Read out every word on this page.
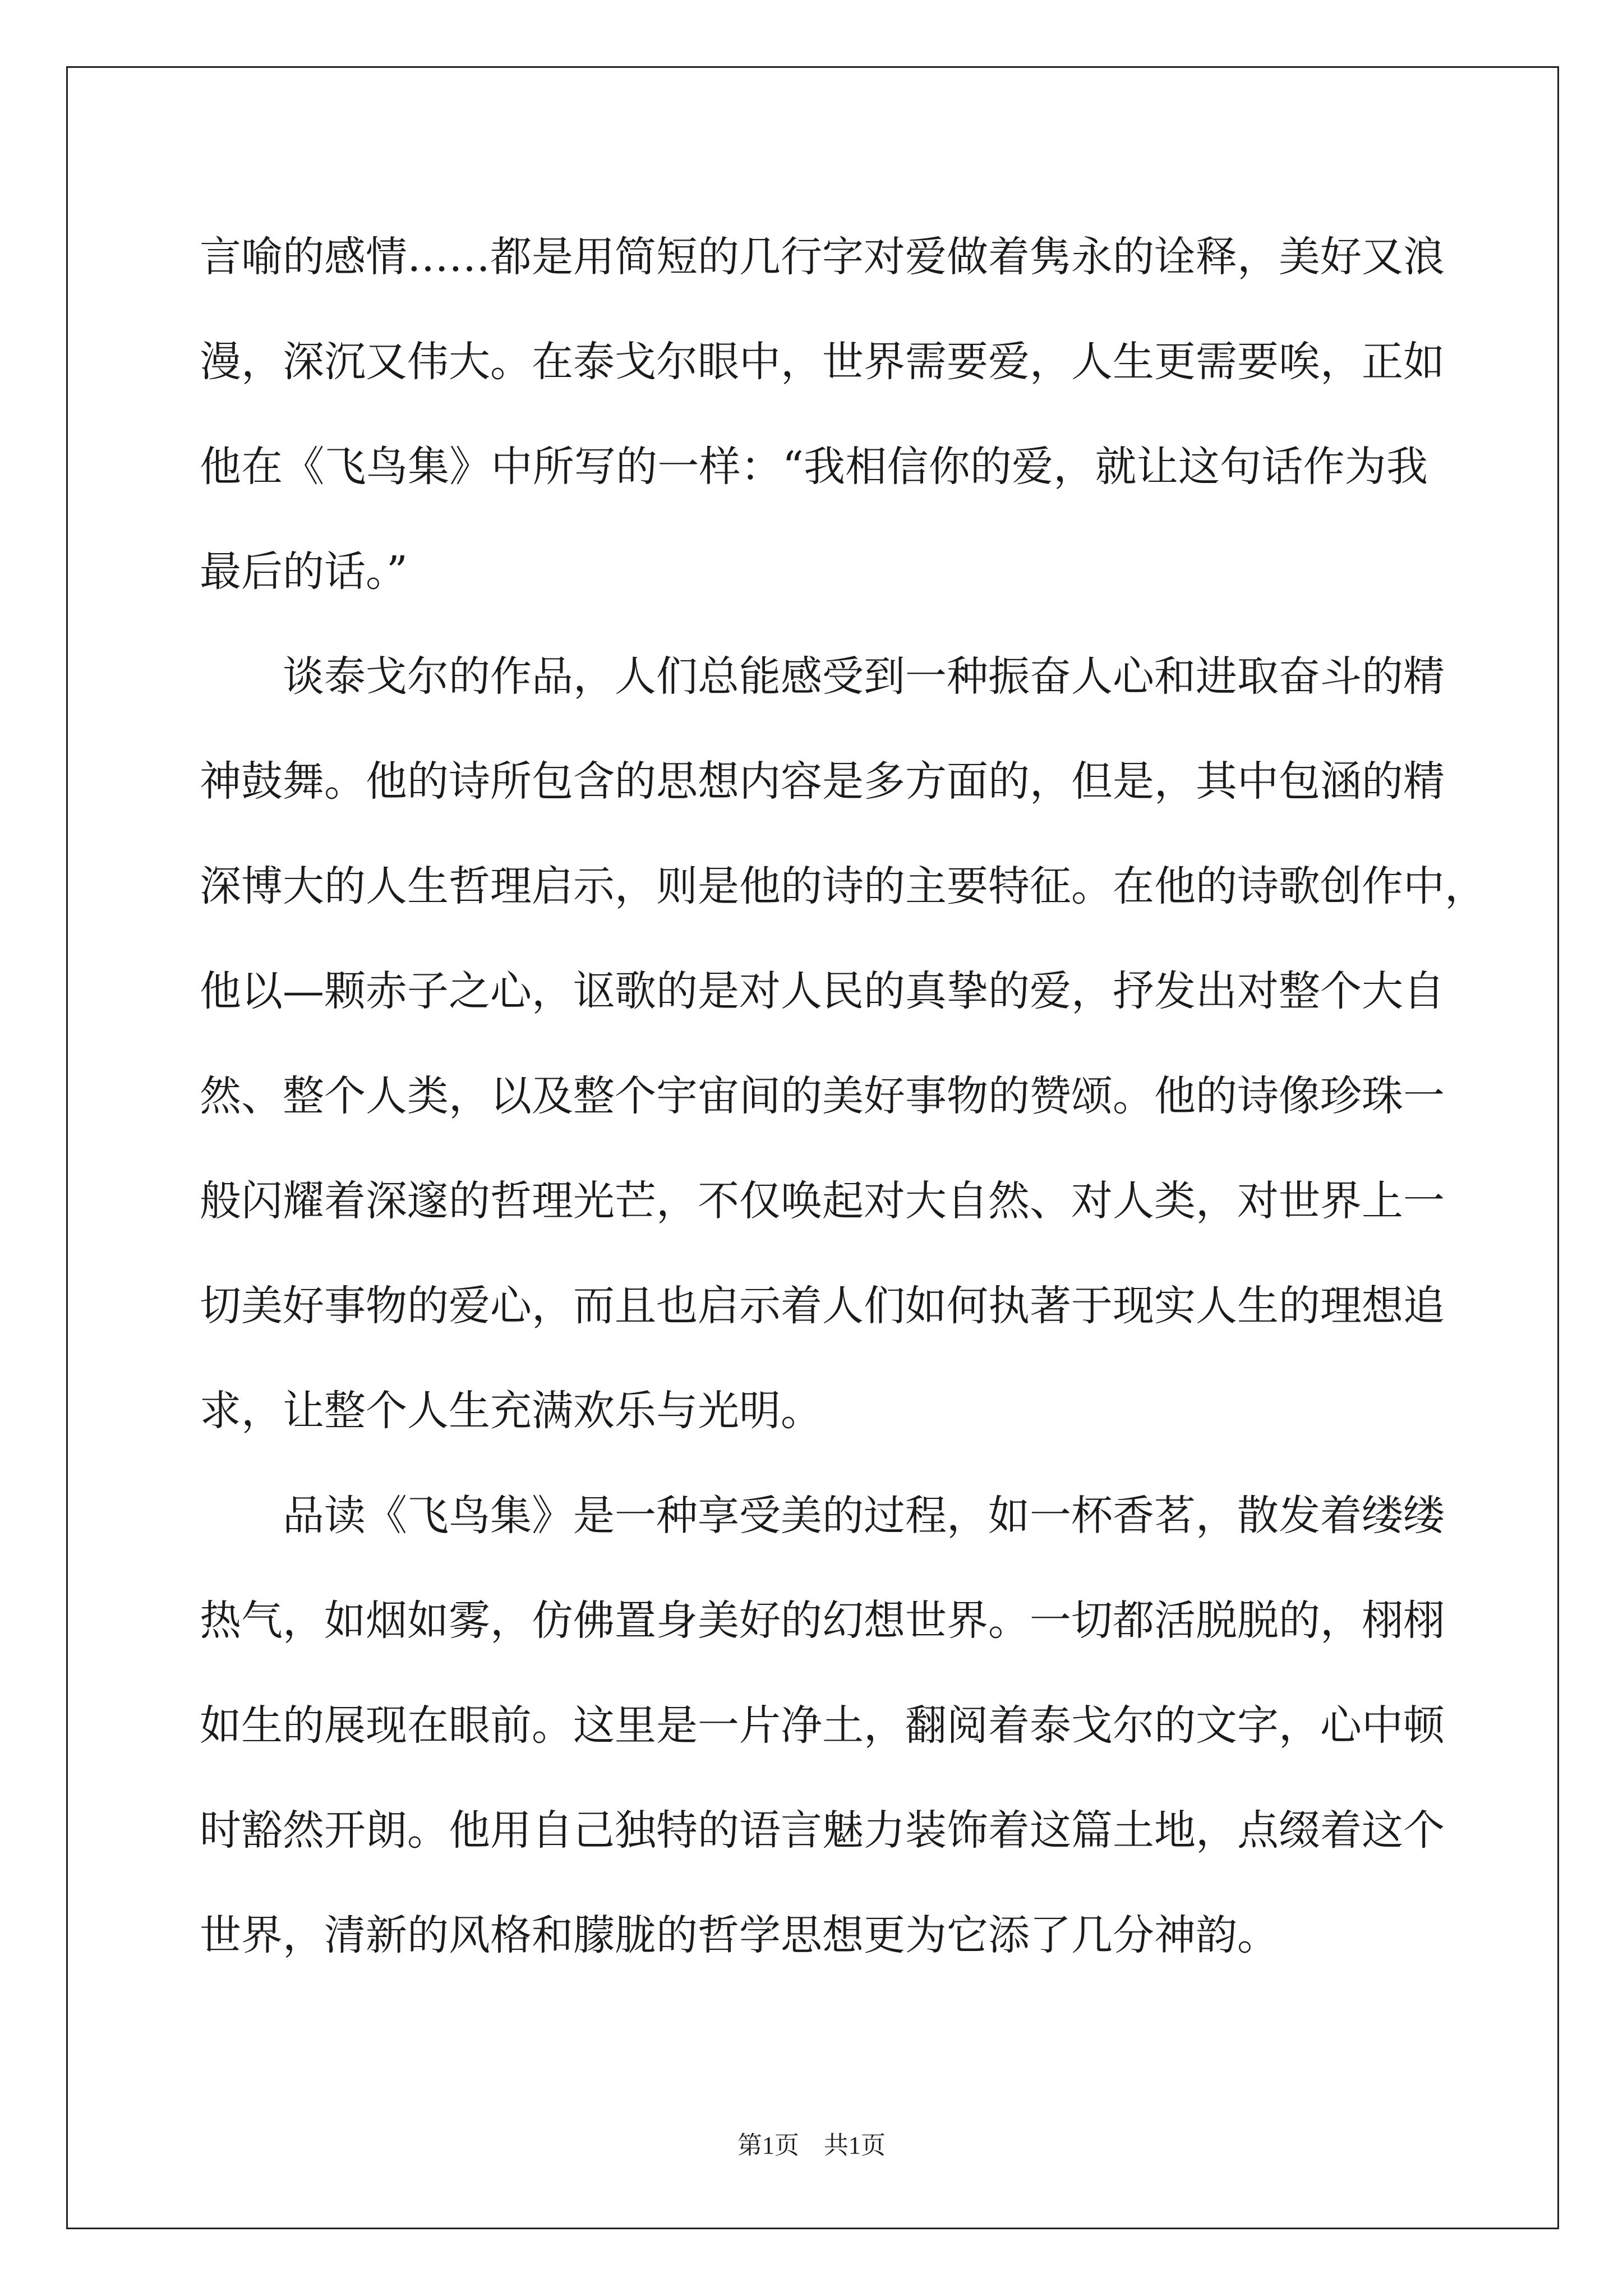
言喻的感情……都是用简短的几行字对爱做着隽永的诠释，美好又浪
漫，深沉又伟大。在泰戈尔眼中，世界需要爱，人生更需要唉，正如
他在《飞鸟集》中所写的一样：“我相信你的爱，就让这句话作为我
最后的话。”
谈泰戈尔的作品，人们总能感受到一种振奋人心和进取奋斗的精
神鼓舞。他的诗所包含的思想内容是多方面的，但是，其中包涵的精
深博大的人生哲理启示，则是他的诗的主要特征。在他的诗歌创作中，
他以—颗赤子之心，讴歌的是对人民的真挚的爱，抒发出对整个大自
然、整个人类，以及整个宇宙间的美好事物的赞颂。他的诗像珍珠一
般闪耀着深邃的哲理光芒，不仅唤起对大自然、对人类，对世界上一
切美好事物的爱心，而且也启示着人们如何执著于现实人生的理想追
求，让整个人生充满欢乐与光明。
品读《飞鸟集》是一种享受美的过程，如一杯香茗，散发着缕缕
热气，如烟如雾，仿佛置身美好的幻想世界。一切都活脱脱的，栩栩
如生的展现在眼前。这里是一片净土，翻阅着泰戈尔的文字，心中顿
时豁然开朗。他用自己独特的语言魅力装饰着这篇土地，点缀着这个
世界，清新的风格和朦胧的哲学思想更为它添了几分神韵。
第1页 共1页
